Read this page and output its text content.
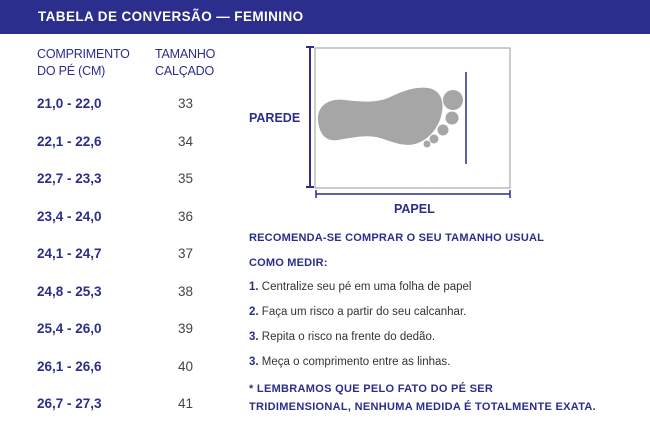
TABELA DE CONVERSÃO — FEMININO
COMPRIMENTO
DO PÉ (CM)
TAMANHO
CALÇADO
21,0 - 22,0	33
22,1 - 22,6	34
22,7 - 23,3	35
23,4 - 24,0	36
24,1 - 24,7	37
24,8 - 25,3	38
25,4 - 26,0	39
26,1 - 26,6	40
26,7 - 27,3	41
PAREDE
PAPEL
RECOMENDA-SE COMPRAR O SEU TAMANHO USUAL
COMO MEDIR:
1. Centralize seu pé em uma folha de papel
2. Faça um risco a partir do seu calcanhar.
3. Repita o risco na frente do dedão.
3. Meça o comprimento entre as linhas.
* LEMBRAMOS QUE PELO FATO DO PÉ SER
TRIDIMENSIONAL, NENHUMA MEDIDA É TOTALMENTE EXATA.
